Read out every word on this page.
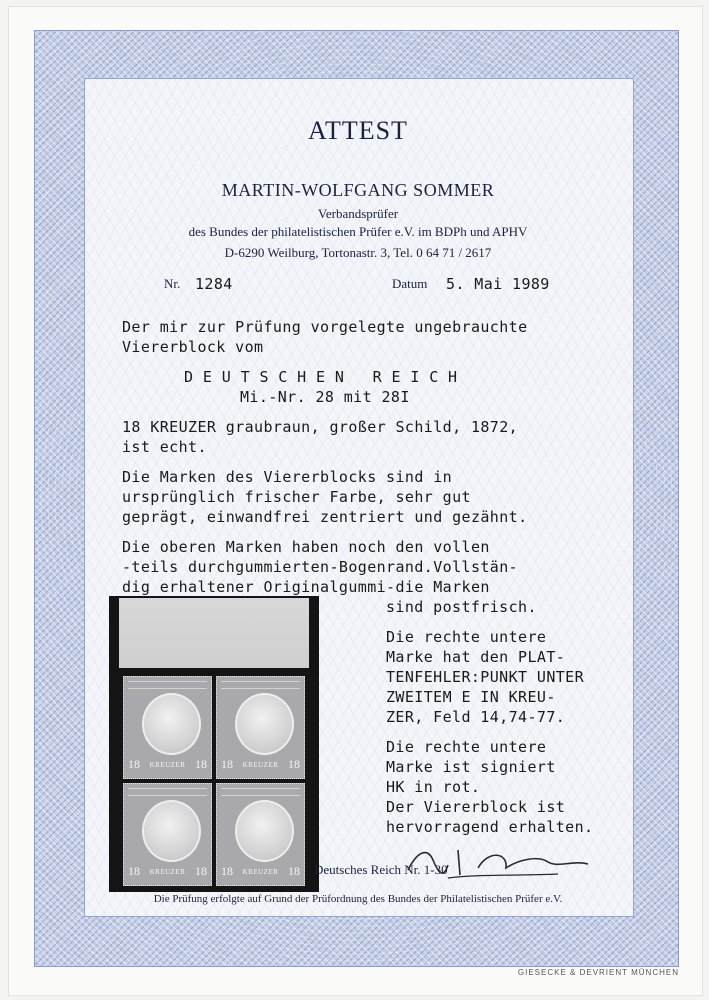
ATTEST
MARTIN-WOLFGANG SOMMER
Verbandsprüfer
des Bundes der philatelistischen Prüfer e.V. im BDPh und APHV
D-6290 Weilburg, Tortonastr. 3, Tel. 0 64 71 / 2617
Nr. 1284	Datum 5. Mai 1989
Der mir zur Prüfung vorgelegte ungebrauchte
Viererblock vom
D E U T S C H E N   R E I C H
Mi.-Nr. 28 mit 28I
18 KREUZER graubraun, großer Schild, 1872,
ist echt.
Die Marken des Viererblocks sind in
ursprünglich frischer Farbe, sehr gut
geprägt, einwandfrei zentriert und gezähnt.
Die oberen Marken haben noch den vollen
-teils durchgummierten-Bogenrand.Vollstän-
dig erhaltener Originalgummi-die Marken
sind postfrisch.
Die rechte untere
Marke hat den PLAT-
TENFEHLER:PUNKT UNTER
ZWEITEM E IN KREU-
ZER, Feld 14,74-77.
Die rechte untere
Marke ist signiert
HK in rot.
Der Viererblock ist
hervorragend erhalten.
18 KREUZER 18 18 KREUZER 18
18 KREUZER 18 18 KREUZER 18 Deutsches Reich Nr. 1-30
Die Prüfung erfolgte auf Grund der Prüfordnung des Bundes der Philatelistischen Prüfer e.V.
GIESECKE & DEVRIENT MÜNCHEN
